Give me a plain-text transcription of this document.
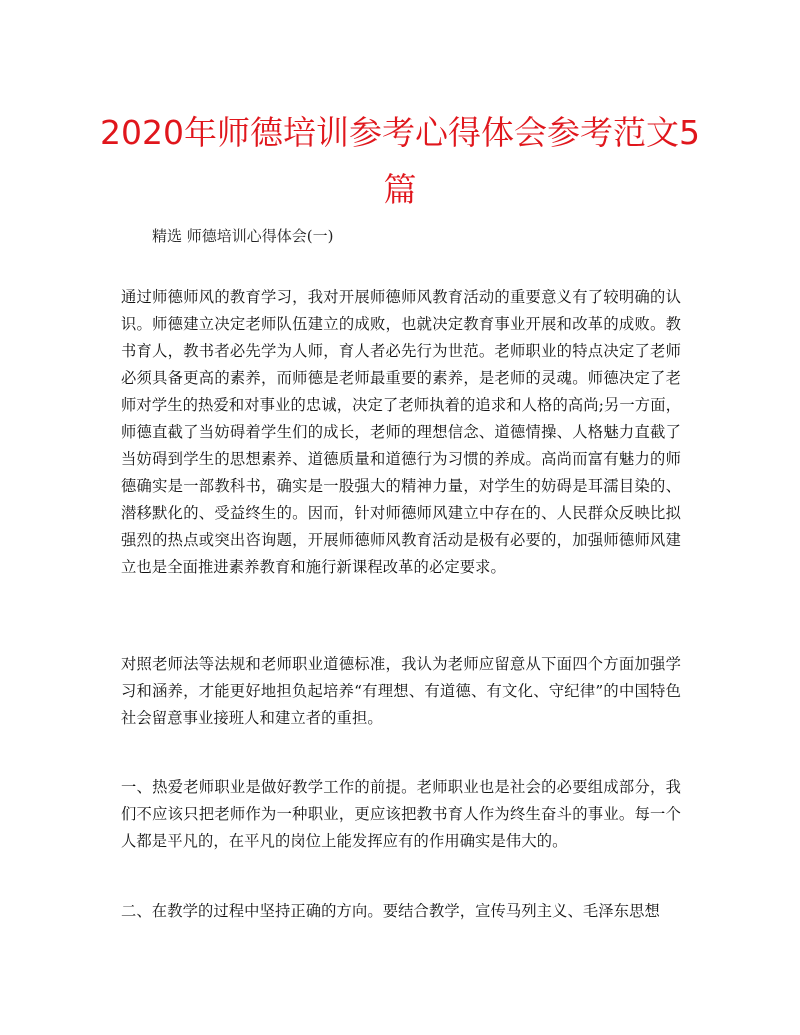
2020年师德培训参考心得体会参考范文5篇
精选 师德培训心得体会(一)
通过师德师风的教育学习，我对开展师德师风教育活动的重要意义有了较明确的认识。师德建立决定老师队伍建立的成败，也就决定教育事业开展和改革的成败。教书育人，教书者必先学为人师，育人者必先行为世范。老师职业的特点决定了老师必须具备更高的素养，而师德是老师最重要的素养，是老师的灵魂。师德决定了老师对学生的热爱和对事业的忠诚，决定了老师执着的追求和人格的高尚;另一方面，师德直截了当妨碍着学生们的成长，老师的理想信念、道德情操、人格魅力直截了当妨碍到学生的思想素养、道德质量和道德行为习惯的养成。高尚而富有魅力的师德确实是一部教科书，确实是一股强大的精神力量，对学生的妨碍是耳濡目染的、潜移默化的、受益终生的。因而，针对师德师风建立中存在的、人民群众反映比拟强烈的热点或突出咨询题，开展师德师风教育活动是极有必要的，加强师德师风建立也是全面推进素养教育和施行新课程改革的必定要求。
对照老师法等法规和老师职业道德标准，我认为老师应留意从下面四个方面加强学习和涵养，才能更好地担负起培养“有理想、有道德、有文化、守纪律”的中国特色社会留意事业接班人和建立者的重担。
一、热爱老师职业是做好教学工作的前提。老师职业也是社会的必要组成部分，我们不应该只把老师作为一种职业，更应该把教书育人作为终生奋斗的事业。每一个人都是平凡的，在平凡的岗位上能发挥应有的作用确实是伟大的。
二、在教学的过程中坚持正确的方向。要结合教学，宣传马列主义、毛泽东思想
